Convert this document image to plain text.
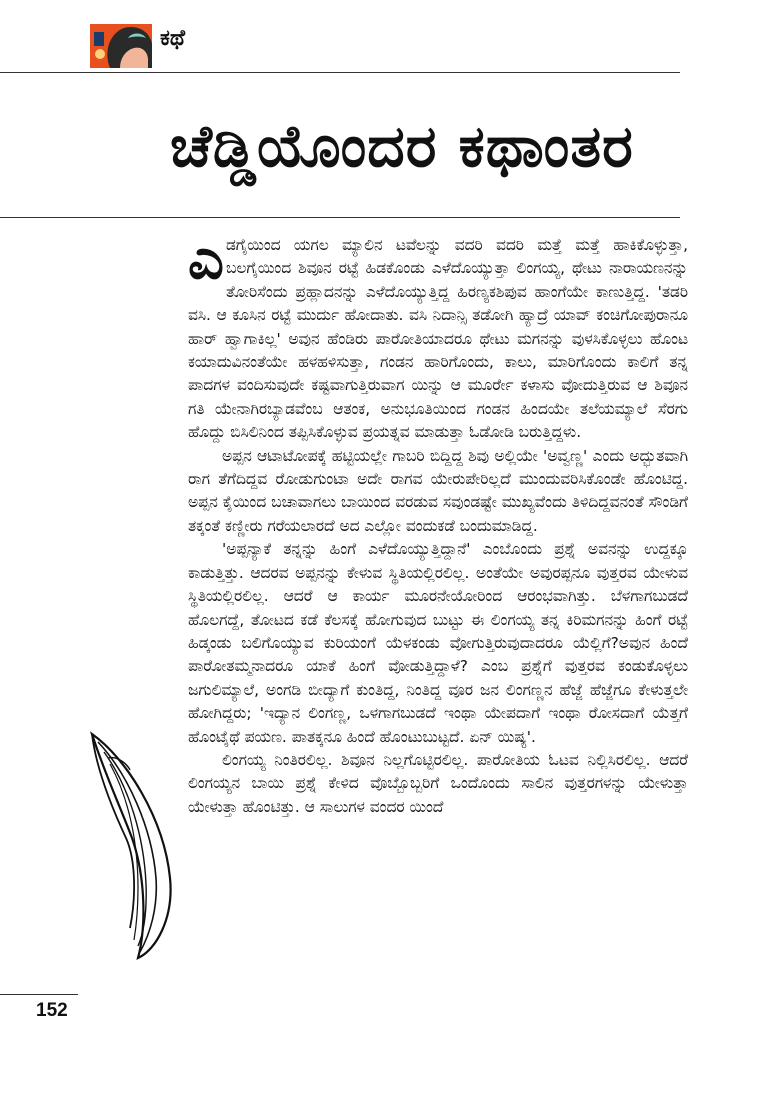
ಕಥೆ
ಚೆಡ್ಡಿಯೊಂದರ ಕಥಾಂತರ

ಎಡಗೈಯಿಂದ ಯಗಲ ಮ್ಯಾಲಿನ ಟವೆಲನ್ನು ವದರಿ ವದರಿ ಮತ್ತೆ ಮತ್ತೆ ಹಾಕಿಕೊಳ್ಳುತ್ತಾ, ಬಲಗೈಯಿಂದ ಶಿವೂನ ರಟ್ಟೆ ಹಿಡಕೊಂಡು ಎಳೆದೊಯ್ಯುತ್ತಾ ಲಿಂಗಯ್ಯ, ಥೇಟು ನಾರಾಯಣನನ್ನು ತೋರಿಸೆಂದು ಪ್ರಹ್ಲಾದನನ್ನು ಎಳೆದೊಯ್ಯುತ್ತಿದ್ದ ಹಿರಣ್ಯಕಶಿಪುವ ಹಾಂಗೆಯೇ ಕಾಣುತ್ತಿದ್ದ. 'ತಡರಿ ವಸಿ. ಆ ಕೂಸಿನ ರಟ್ಟೆ ಮುರ್ದು ಹೋದಾತು. ವಸಿ ನಿದಾನ್ಸಿ ತಡೋಗಿ ಹ್ಯಾದ್ರೆ ಯಾವ್ ಕಂಚಿಗೋಪುರಾನೂ ಹಾರ್ ಹ್ವಾಗಾಕಿಲ್ಲ' ಅವುನ ಹೆಂಡಿರು ಪಾರೋತಿಯಾದರೂ ಥೇಟು ಮಗನನ್ನು ವುಳಸಿಕೊಳ್ಳಲು ಹೊಂಟ ಕಯಾದುವಿನಂತೆಯೇ ಹಳಹಳಿಸುತ್ತಾ, ಗಂಡನ ಹಾರಿಗೊಂದು, ಕಾಲು, ಮಾರಿಗೊಂದು ಕಾಲಿಗೆ ತನ್ನ ಪಾದಗಳ ವಂದಿಸುವುದೇ ಕಷ್ಟವಾಗುತ್ತಿರುವಾಗ ಯಿನ್ನು ಆ ಮೂರ್ರೇ ಕಳಾಸು ವೋದುತ್ತಿರುವ ಆ ಶಿವೂನ ಗತಿ ಯೇನಾಗಿರಬ್ಯಾಡವೆಂಬ ಆತಂಕ, ಅನುಭೂತಿಯಿಂದ ಗಂಡನ ಹಿಂದಯೇ ತಲೆಯಮ್ಯಾಲೆ ಸೆರಗು ಹೊದ್ದು ಬಿಸಿಲಿನಿಂದ ತಪ್ಪಿಸಿಕೊಳ್ಳುವ ಪ್ರಯತ್ನವ ಮಾಡುತ್ತಾ ಓಡೋಡಿ ಬರುತ್ತಿದ್ದಳು.

ಅಪ್ಪನ ಆಟಾಟೋಪಕ್ಕೆ ಹಟ್ಟಿಯಲ್ಲೇ ಗಾಬರಿ ಬಿದ್ದಿದ್ದ ಶಿವು ಅಲ್ಲಿಯೇ 'ಅವ್ವಣ್ಣ' ಎಂದು ಅದ್ಭುತವಾಗಿ ರಾಗ ತೆಗೆದಿದ್ದವ ರೋಡುಗುಂಟಾ ಅದೇ ರಾಗವ ಯೇರುಪೇರಿಲ್ಲದೆ ಮುಂದುವರಿಸಿಕೊಂಡೇ ಹೊಂಟಿದ್ದ. ಅಪ್ಪನ ಕೈಯಿಂದ ಬಚಾವಾಗಲು ಬಾಯಿಂದ ವರಡುವ ಸವುಂಡಷ್ಟೇ ಮುಖ್ಯವೆಂದು ತಿಳಿದಿದ್ದವನಂತೆ ಸೌಂಡಿಗೆ ತಕ್ಕಂತೆ ಕಣ್ಣೀರು ಗರೆಯಲಾರದೆ ಅದ ಎಲ್ಲೋ ವಂದುಕಡೆ ಬಂದುಮಾಡಿದ್ದ.

'ಅಪ್ಪನ್ಯಾಕೆ ತನ್ನನ್ನು ಹಿಂಗೆ ಎಳೆದೊಯ್ಯುತ್ತಿದ್ದಾನೆ' ಎಂಬೊಂದು ಪ್ರಶ್ನೆ ಅವನನ್ನು ಉದ್ದಕ್ಕೂ ಕಾಡುತ್ತಿತ್ತು. ಆದರವ ಅಪ್ಪನನ್ನು ಕೇಳುವ ಸ್ಥಿತಿಯಲ್ಲಿರಲಿಲ್ಲ. ಅಂತೆಯೇ ಅವುರಪ್ಪನೂ ವುತ್ತರವ ಯೇಳುವ ಸ್ಥಿತಿಯಲ್ಲಿರಲಿಲ್ಲ. ಆದರೆ ಆ ಕಾರ್ಯ ಮೂರನೇಯೋರಿಂದ ಆರಂಭವಾಗಿತ್ತು. ಬೆಳಗಾಗಬುಡದೆ ಹೊಲಗದ್ದೆ, ತೋಟದ ಕಡೆ ಕೆಲಸಕ್ಕೆ ಹೋಗುವುದ ಬುಟ್ಟು ಈ ಲಿಂಗಯ್ಯ ತನ್ನ ಕಿರಿಮಗನನ್ನು ಹಿಂಗೆ ರಟ್ಟೆ ಹಿಡ್ಕಂಡು ಬಲಿಗೊಯ್ಯುವ ಕುರಿಯಂಗೆ ಯೆಳಕಂಡು ವೋಗುತ್ತಿರುವುದಾದರೂ ಯೆಲ್ಲಿಗೆ?ಅವುನ ಹಿಂದೆ ಪಾರೋತಮ್ಮನಾದರೂ ಯಾಕೆ ಹಿಂಗೆ ವೋಡುತ್ತಿದ್ದಾಳೆ? ಎಂಬ ಪ್ರಶ್ನೆಗೆ ವುತ್ತರವ ಕಂಡುಕೊಳ್ಳಲು ಜಗುಲಿಮ್ಯಾಲೆ, ಅಂಗಡಿ ಬೀದ್ಯಾಗೆ ಕುಂತಿದ್ದ, ನಿಂತಿದ್ದ ವೂರ ಜನ ಲಿಂಗಣ್ಣನ ಹೆಜ್ಜೆ ಹೆಜ್ಜೆಗೂ ಕೇಳುತ್ತಲೇ ಹೋಗಿದ್ದರು; 'ಇದ್ಯಾನ ಲಿಂಗಣ್ಣ, ಒಳಗಾಗಬುಡದೆ ಇಂಥಾ ಯೇಪದಾಗೆ ಇಂಥಾ ರೋಸದಾಗೆ ಯೆತ್ತಗೆ ಹೊಂಟೈಥೆ ಪಯಣ. ಪಾತಕ್ಕನೂ ಹಿಂದೆ ಹೊಂಟುಬುಟ್ಟದೆ. ಏನ್ ಯಿಷ್ಯ'.

ಲಿಂಗಯ್ಯ ನಿಂತಿರಲಿಲ್ಲ. ಶಿವೂನ ನಿಲ್ಲಗೊಟ್ಟಿರಲಿಲ್ಲ. ಪಾರೋತಿಯ ಓಟವ ನಿಲ್ಲಿಸಿರಲಿಲ್ಲ. ಆದರೆ ಲಿಂಗಯ್ಯನ ಬಾಯಿ ಪ್ರಶ್ನೆ ಕೇಳಿದ ವೊಬ್ಬೊಬ್ಬರಿಗೆ ಒಂದೊಂದು ಸಾಲಿನ ವುತ್ತರಗಳನ್ನು ಯೇಳುತ್ತಾ ಯೇಳುತ್ತಾ ಹೊಂಟಿತ್ತು. ಆ ಸಾಲುಗಳ ವಂದರ ಯಿಂದೆ

152
